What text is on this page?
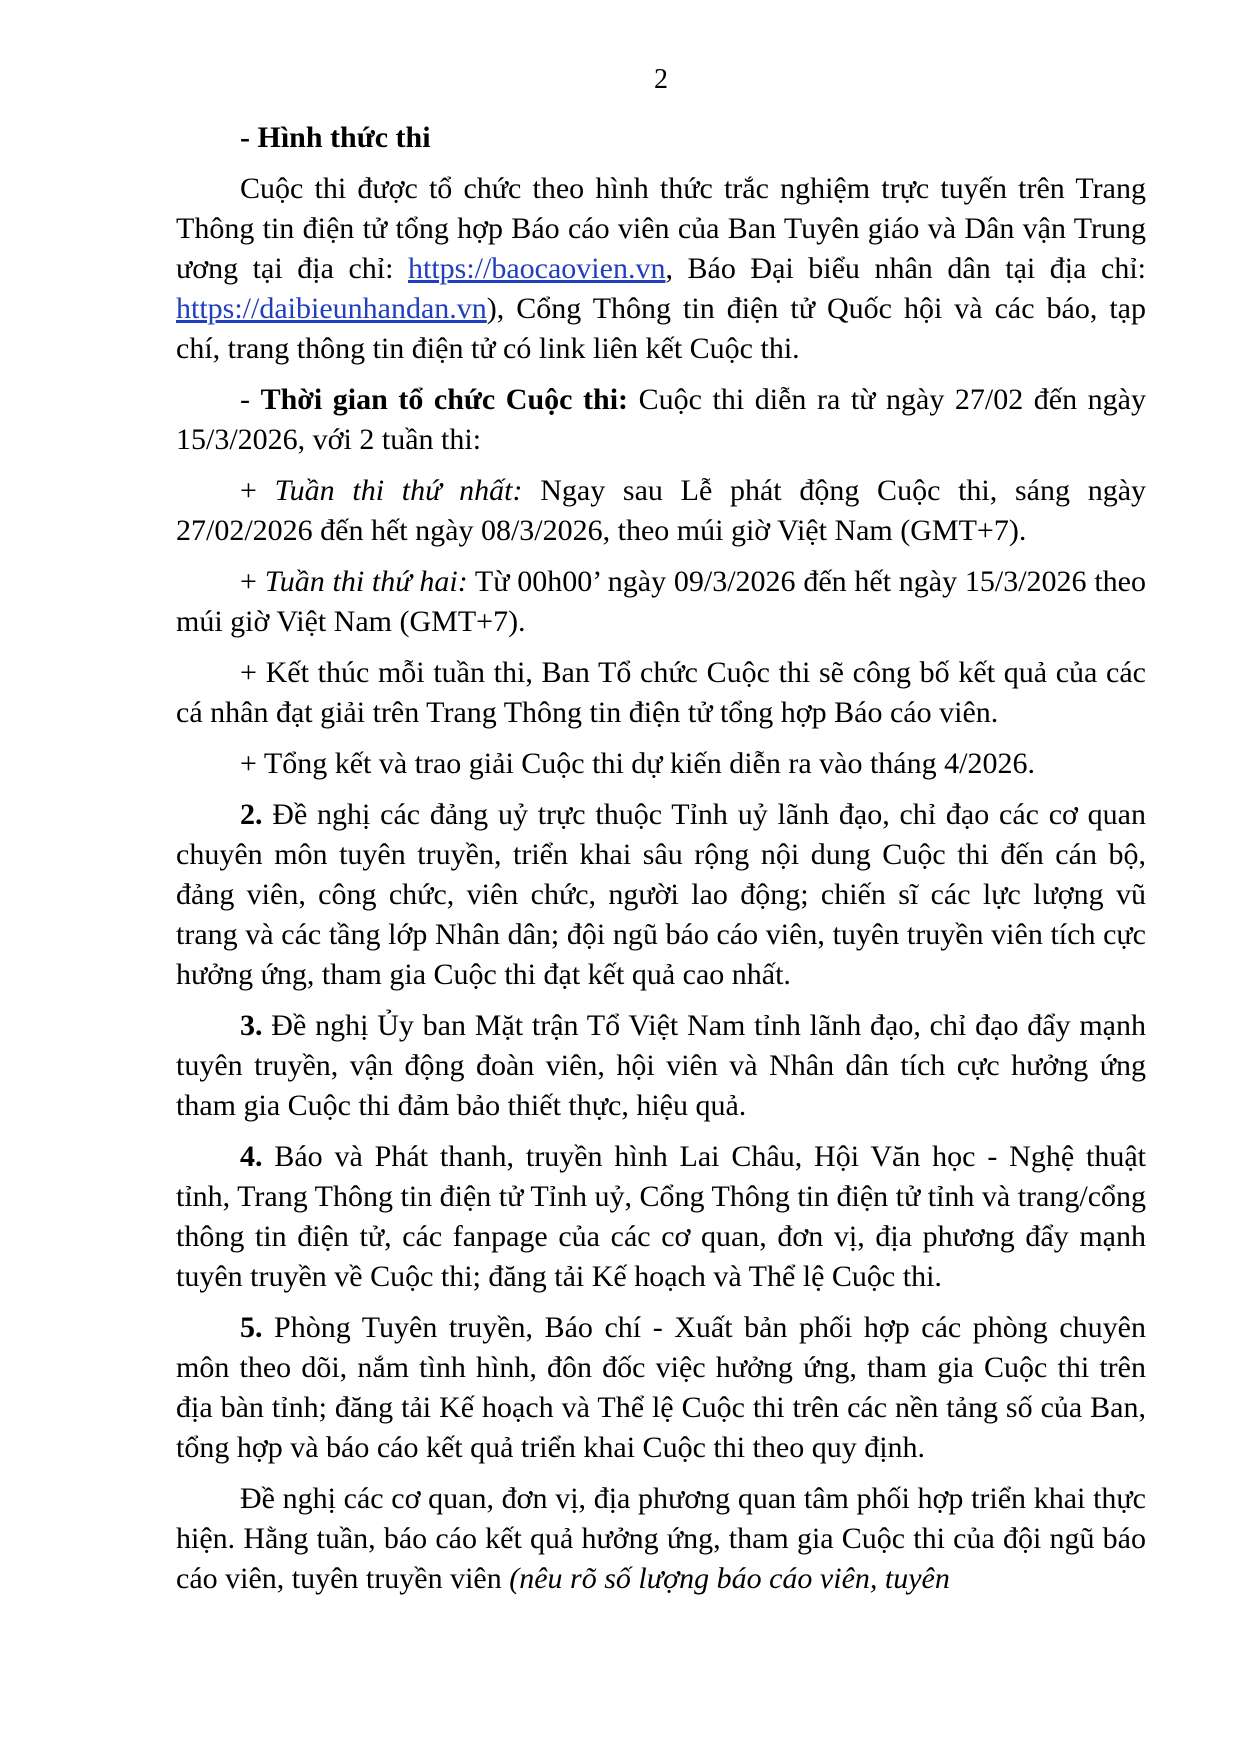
2

- Hình thức thi

Cuộc thi được tổ chức theo hình thức trắc nghiệm trực tuyến trên Trang Thông tin điện tử tổng hợp Báo cáo viên của Ban Tuyên giáo và Dân vận Trung ương tại địa chỉ: https://baocaovien.vn, Báo Đại biểu nhân dân tại địa chỉ: https://daibieunhandan.vn), Cổng Thông tin điện tử Quốc hội và các báo, tạp chí, trang thông tin điện tử có link liên kết Cuộc thi.

- Thời gian tổ chức Cuộc thi: Cuộc thi diễn ra từ ngày 27/02 đến ngày 15/3/2026, với 2 tuần thi:

+ Tuần thi thứ nhất: Ngay sau Lễ phát động Cuộc thi, sáng ngày 27/02/2026 đến hết ngày 08/3/2026, theo múi giờ Việt Nam (GMT+7).

+ Tuần thi thứ hai: Từ 00h00’ ngày 09/3/2026 đến hết ngày 15/3/2026 theo múi giờ Việt Nam (GMT+7).

+ Kết thúc mỗi tuần thi, Ban Tổ chức Cuộc thi sẽ công bố kết quả của các cá nhân đạt giải trên Trang Thông tin điện tử tổng hợp Báo cáo viên.

+ Tổng kết và trao giải Cuộc thi dự kiến diễn ra vào tháng 4/2026.

2. Đề nghị các đảng uỷ trực thuộc Tỉnh uỷ lãnh đạo, chỉ đạo các cơ quan chuyên môn tuyên truyền, triển khai sâu rộng nội dung Cuộc thi đến cán bộ, đảng viên, công chức, viên chức, người lao động; chiến sĩ các lực lượng vũ trang và các tầng lớp Nhân dân; đội ngũ báo cáo viên, tuyên truyền viên tích cực hưởng ứng, tham gia Cuộc thi đạt kết quả cao nhất.

3. Đề nghị Ủy ban Mặt trận Tổ Việt Nam tỉnh lãnh đạo, chỉ đạo đẩy mạnh tuyên truyền, vận động đoàn viên, hội viên và Nhân dân tích cực hưởng ứng tham gia Cuộc thi đảm bảo thiết thực, hiệu quả.

4. Báo và Phát thanh, truyền hình Lai Châu, Hội Văn học - Nghệ thuật tỉnh, Trang Thông tin điện tử Tỉnh uỷ, Cổng Thông tin điện tử tỉnh và trang/cổng thông tin điện tử, các fanpage của các cơ quan, đơn vị, địa phương đẩy mạnh tuyên truyền về Cuộc thi; đăng tải Kế hoạch và Thể lệ Cuộc thi.

5. Phòng Tuyên truyền, Báo chí - Xuất bản phối hợp các phòng chuyên môn theo dõi, nắm tình hình, đôn đốc việc hưởng ứng, tham gia Cuộc thi trên địa bàn tỉnh; đăng tải Kế hoạch và Thể lệ Cuộc thi trên các nền tảng số của Ban, tổng hợp và báo cáo kết quả triển khai Cuộc thi theo quy định.

Đề nghị các cơ quan, đơn vị, địa phương quan tâm phối hợp triển khai thực hiện. Hằng tuần, báo cáo kết quả hưởng ứng, tham gia Cuộc thi của đội ngũ báo cáo viên, tuyên truyền viên (nêu rõ số lượng báo cáo viên, tuyên
